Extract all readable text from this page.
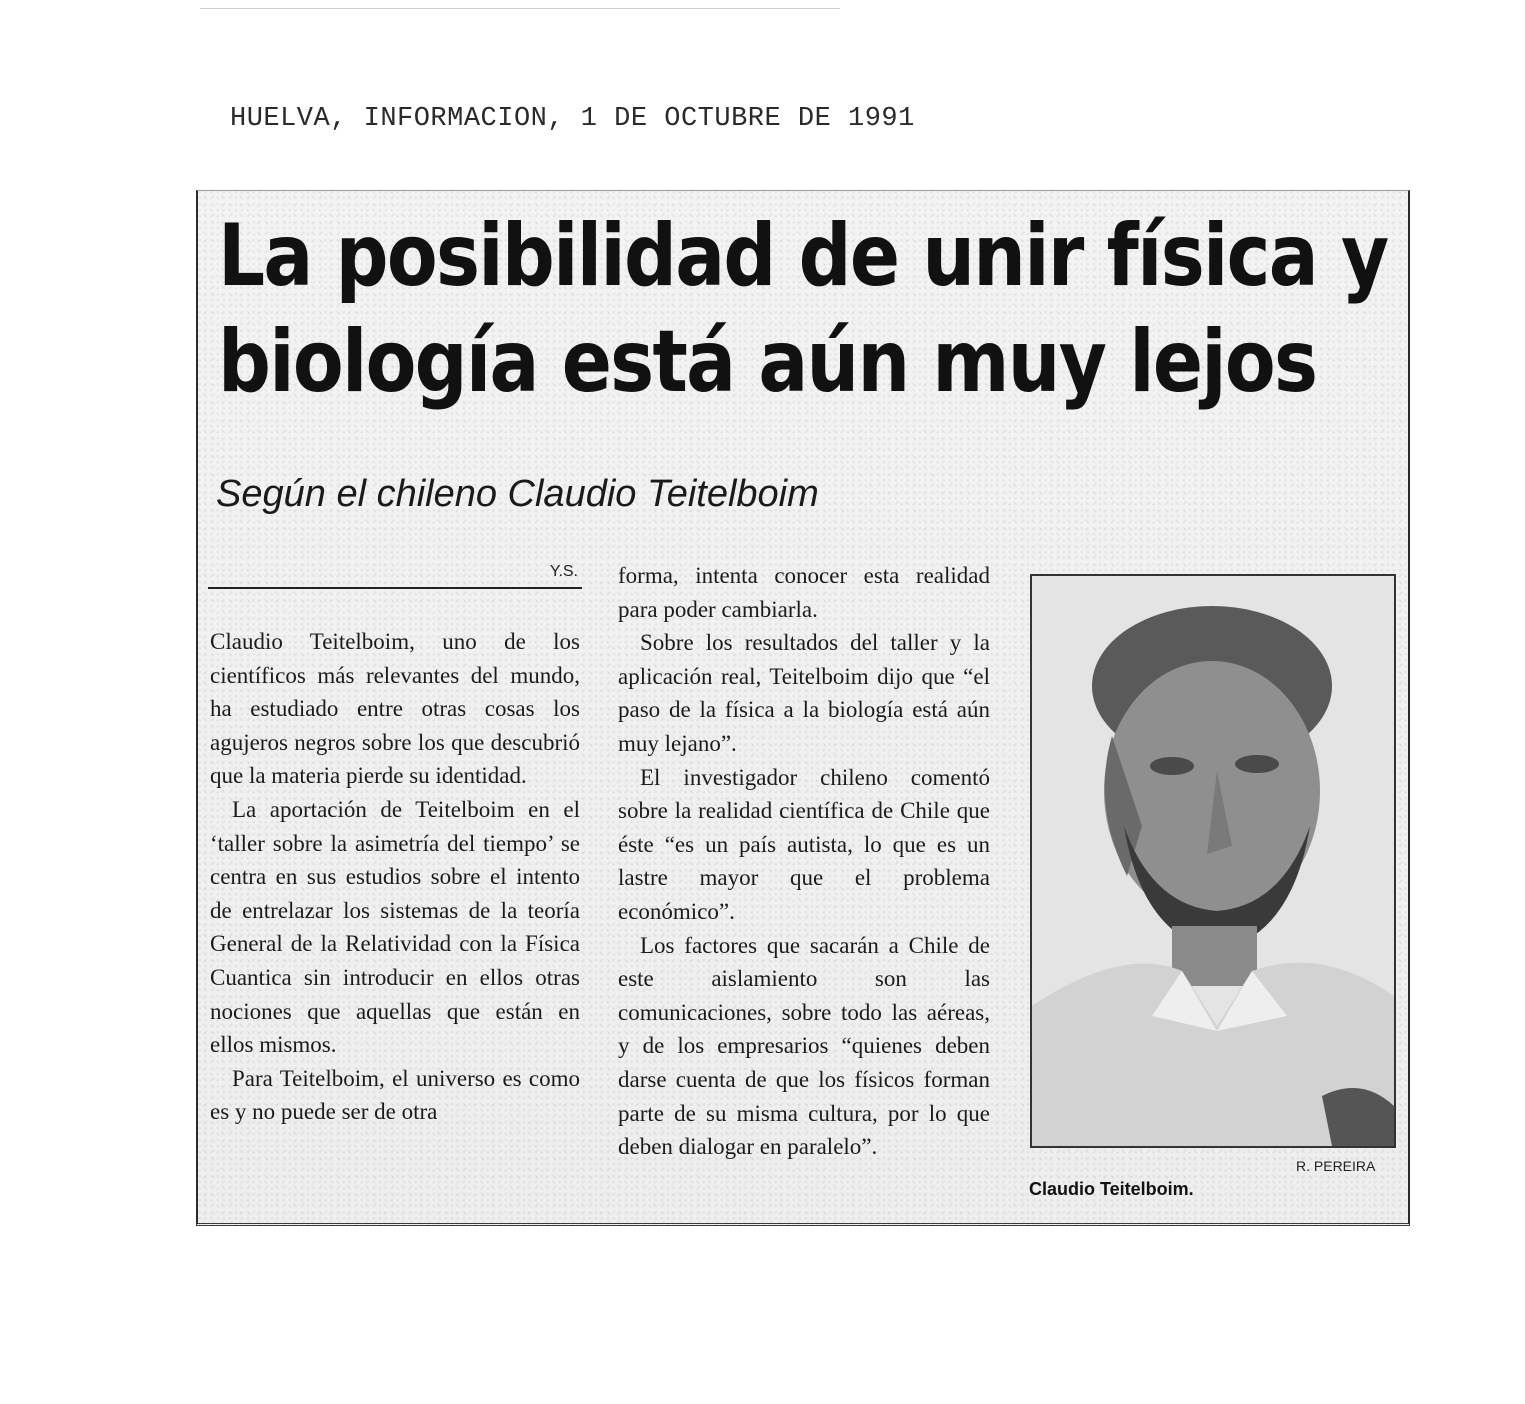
HUELVA, INFORMACION, 1 DE OCTUBRE DE 1991
La posibilidad de unir física y
biología está aún muy lejos
Según el chileno Claudio Teitelboim
Y.S.

Claudio Teitelboim, uno de los científicos más relevantes del mundo, ha estudiado entre otras cosas los agujeros negros sobre los que descubrió que la materia pierde su identidad.

La aportación de Teitelboim en el ‘taller sobre la asimetría del tiempo’ se centra en sus estudios sobre el intento de entrelazar los sistemas de la teoría General de la Relatividad con la Física Cuantica sin introducir en ellos otras nociones que aquellas que están en ellos mismos.

Para Teitelboim, el universo es como es y no puede ser de otra

forma, intenta conocer esta realidad para poder cambiarla.

Sobre los resultados del taller y la aplicación real, Teitelboim dijo que “el paso de la física a la biología está aún muy lejano”.

El investigador chileno comentó sobre la realidad científica de Chile que éste “es un país autista, lo que es un lastre mayor que el problema económico”.

Los factores que sacarán a Chile de este aislamiento son las comunicaciones, sobre todo las aéreas, y de los empresarios “quienes deben darse cuenta de que los físicos forman parte de su misma cultura, por lo que deben dialogar en paralelo”.

R. PEREIRA
Claudio Teitelboim.
